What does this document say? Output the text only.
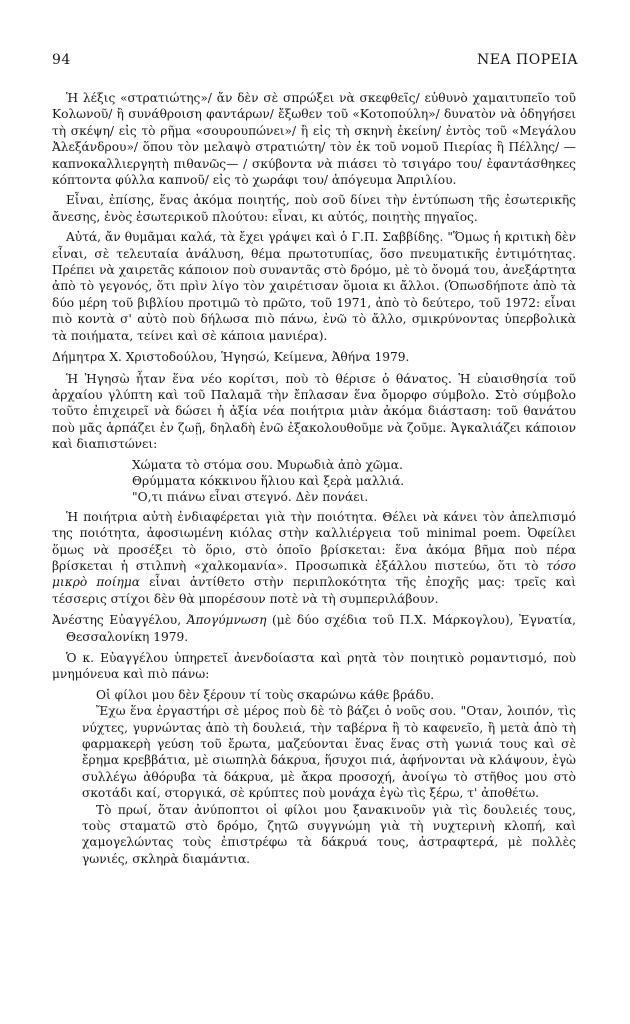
94	ΝΕΑ ΠΟΡΕΙΑ

Ἡ λέξις «στρατιώτης»/ ἄν δὲν σὲ σπρώξει νὰ σκεφθεῖς/ εὐθυνὸ χαμαιτυπεῖο τοῦ Κολωνοῦ/ ἢ συνάθροιση φαντάρων/ ἔξωθεν τοῦ «Κοτοπούλη»/ δυνατὸν νὰ ὁδηγήσει τὴ σκέψη/ εἰς τὸ ρῆμα «σουρουπώνει»/ ἢ εἰς τὴ σκηνὴ ἐκείνη/ ἐντὸς τοῦ «Μεγάλου Ἀλεξάνδρου»/ ὅπου τὸν μελαψὸ στρατιώτη/ τὸν ἐκ τοῦ νομοῦ Πιερίας ἢ Πέλλης/ —καπνοκαλλιεργητὴ πιθανῶς— / σκύβοντα νὰ πιάσει τὸ τσιγάρο του/ ἐφαντάσθηκες κόπτοντα φύλλα καπνοῦ/ εἰς τὸ χωράφι του/ ἀπόγευμα Ἀπριλίου.

Εἶναι, ἐπίσης, ἕνας ἀκόμα ποιητής, ποὺ σοῦ δίνει τὴν ἐντύπωση τῆς ἐσωτερικῆς ἄνεσης, ἑνὸς ἐσωτερικοῦ πλούτου: εἶναι, κι αὐτός, ποιητὴς πηγαῖος.

Αὐτά, ἄν θυμᾶμαι καλά, τὰ ἔχει γράψει καὶ ὁ Γ.Π. Σαββίδης. "Ὅμως ἡ κριτικὴ δὲν εἶναι, σὲ τελευταία ἀνάλυση, θέμα πρωτοτυπίας, ὅσο πνευματικῆς ἐντιμότητας. Πρέπει νὰ χαιρετᾶς κάποιον ποὺ συναντᾶς στὸ δρόμο, μὲ τὸ ὄνομά του, ἀνεξάρτητα ἀπὸ τὸ γεγονός, ὅτι πρὶν λίγο τὸν χαιρέτισαν ὅμοια κι ἄλλοι. (Ὁπωσδήποτε ἀπὸ τὰ δύο μέρη τοῦ βιβλίου προτιμῶ τὸ πρῶτο, τοῦ 1971, ἀπὸ τὸ δεύτερο, τοῦ 1972: εἶναι πιὸ κοντὰ σ' αὐτὸ ποὺ δήλωσα πιὸ πάνω, ἐνῶ τὸ ἄλλο, σμικρύνοντας ὑπερβολικὰ τὰ ποιήματα, τείνει καὶ σὲ κάποια μανιέρα).

Δήμητρα Χ. Χριστοδούλου, Ἡγησώ, Κείμενα, Ἀθήνα 1979.

Ἡ Ἡγησὼ ἦταν ἕνα νέο κορίτσι, ποὺ τὸ θέρισε ὁ θάνατος. Ἡ εὐαισθησία τοῦ ἀρχαίου γλύπτη καὶ τοῦ Παλαμᾶ τὴν ἔπλασαν ἕνα ὄμορφο σύμβολο. Στὸ σύμβολο τοῦτο ἐπιχειρεῖ νὰ δώσει ἡ ἀξία νέα ποιήτρια μιὰν ἀκόμα διάσταση: τοῦ θανάτου ποὺ μᾶς ἁρπάζει ἐν ζωῇ, δηλαδὴ ἐνῶ ἐξακολουθοῦμε νὰ ζοῦμε. Ἀγκαλιάζει κάποιον καὶ διαπιστώνει:

Χώματα τὸ στόμα σου. Μυρωδιὰ ἀπὸ χῶμα.
Θρύμματα κόκκινου ἥλιου καὶ ξερὰ μαλλιά.
"Ο,τι πιάνω εἶναι στεγνό. Δὲν πονάει.

Ἡ ποιήτρια αὐτὴ ἐνδιαφέρεται γιὰ τὴν ποιότητα. Θέλει νὰ κάνει τὸν ἀπελπισμό της ποιότητα, ἀφοσιωμένη κιόλας στὴν καλλιέργεια τοῦ minimal poem. Ὀφείλει ὅμως νὰ προσέξει τὸ ὅριο, στὸ ὁποῖο βρίσκεται: ἕνα ἀκόμα βῆμα ποὺ πέρα βρίσκεται ἡ στιλπνὴ «χαλκομανία». Προσωπικὰ ἐξάλλου πιστεύω, ὅτι τὸ τόσο μικρὸ ποίημα εἶναι ἀντίθετο στὴν περιπλοκότητα τῆς ἐποχῆς μας: τρεῖς καὶ τέσσερις στίχοι δὲν θὰ μπορέσουν ποτὲ νὰ τὴ συμπεριλάβουν.

Ἀνέστης Εὐαγγέλου, Ἀπογύμνωση (μὲ δύο σχέδια τοῦ Π.Χ. Μάρκογλου), Ἐγνατία, Θεσσαλονίκη 1979.

Ὁ κ. Εὐαγγέλου ὑπηρετεῖ ἀνενδοίαστα καὶ ρητὰ τὸν ποιητικὸ ρομαντισμό, ποὺ μνημόνευα καὶ πιὸ πάνω:

Οἱ φίλοι μου δὲν ξέρουν τί τοὺς σκαρώνω κάθε βράδυ.

Ἔχω ἕνα ἐργαστήρι σὲ μέρος ποὺ δὲ τὸ βάζει ὁ νοῦς σου. "Οταν, λοιπόν, τὶς νύχτες, γυρνώντας ἀπὸ τὴ δουλειά, τὴν ταβέρνα ἢ τὸ καφενεῖο, ἢ μετὰ ἀπὸ τὴ φαρμακερὴ γεύση τοῦ ἔρωτα, μαζεύονται ἕνας ἕνας στὴ γωνιά τους καὶ σὲ ἔρημα κρεββάτια, μὲ σιωπηλὰ δάκρυα, ἥσυχοι πιά, ἀφήνονται νὰ κλάψουν, ἐγὼ συλλέγω ἀθόρυβα τὰ δάκρυα, μὲ ἄκρα προσοχή, ἀνοίγω τὸ στῆθος μου στὸ σκοτάδι καί, στοργικά, σὲ κρύπτες ποὺ μονάχα ἐγὼ τὶς ξέρω, τ' ἀποθέτω.

Τὸ πρωί, ὅταν ἀνύποπτοι οἱ φίλοι μου ξανακινοῦν γιὰ τὶς δουλειές τους, τοὺς σταματῶ στὸ δρόμο, ζητῶ συγγνώμη γιὰ τὴ νυχτερινὴ κλοπή, καὶ χαμογελώντας τοὺς ἐπιστρέφω τὰ δάκρυά τους, ἀστραφτερά, μὲ πολλὲς γωνιές, σκληρὰ διαμάντια.
